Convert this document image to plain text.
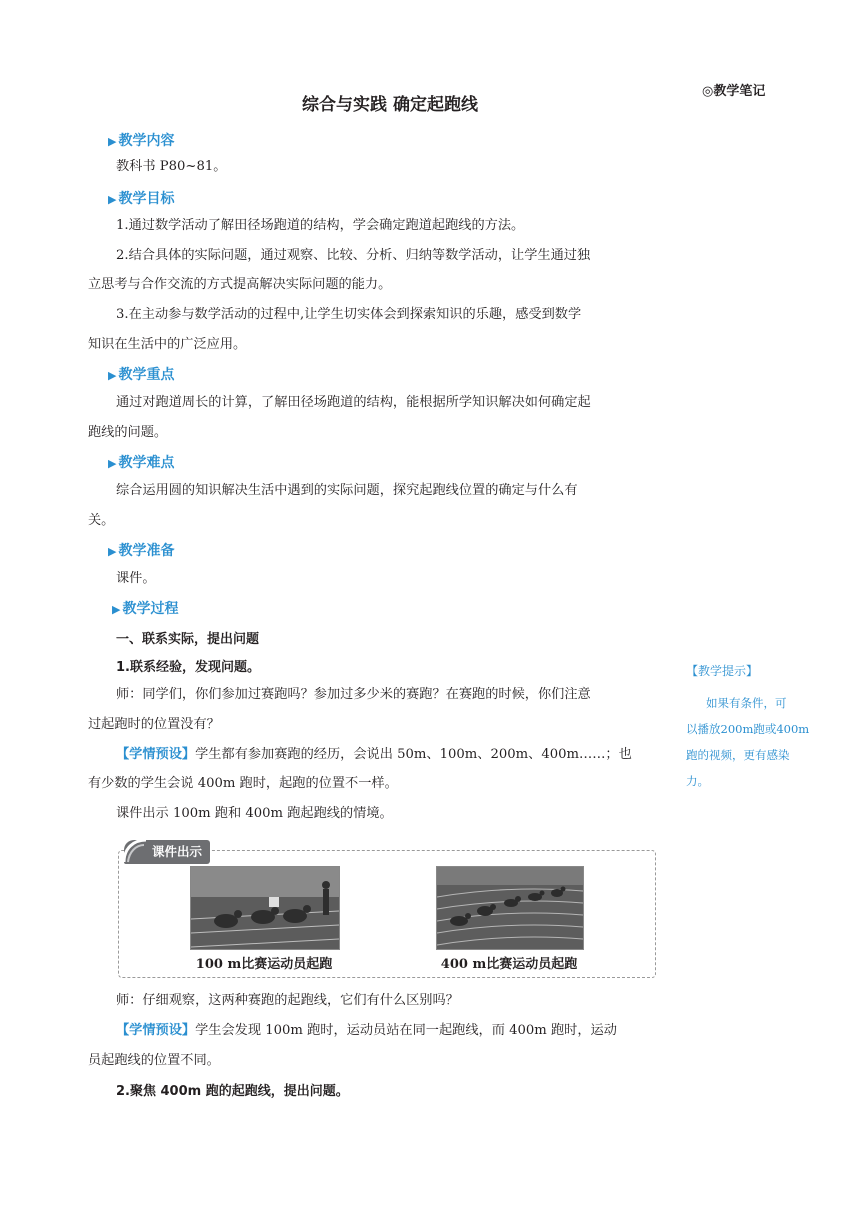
综合与实践 确定起跑线
◎教学笔记
▶ 教学内容
教科书 P80~81。
▶ 教学目标
1.通过数学活动了解田径场跑道的结构，学会确定跑道起跑线的方法。
2.结合具体的实际问题，通过观察、比较、分析、归纳等数学活动，让学生通过独
立思考与合作交流的方式提高解决实际问题的能力。
3.在主动参与数学活动的过程中,让学生切实体会到探索知识的乐趣，感受到数学
知识在生活中的广泛应用。
▶ 教学重点
通过对跑道周长的计算，了解田径场跑道的结构，能根据所学知识解决如何确定起
跑线的问题。
▶ 教学难点
综合运用圆的知识解决生活中遇到的实际问题，探究起跑线位置的确定与什么有
关。
▶ 教学准备
课件。
▶ 教学过程
一、联系实际，提出问题
1.联系经验，发现问题。
师：同学们，你们参加过赛跑吗？参加过多少米的赛跑？在赛跑的时候，你们注意
过起跑时的位置没有？
【学情预设】学生都有参加赛跑的经历，会说出 50m、100m、200m、400m……；也
有少数的学生会说 400m 跑时，起跑的位置不一样。
课件出示 100m 跑和 400m 跑起跑线的情境。
课件出示
100 m比赛运动员起跑	400 m比赛运动员起跑
师：仔细观察，这两种赛跑的起跑线，它们有什么区别吗？
【学情预设】学生会发现 100m 跑时，运动员站在同一起跑线，而 400m 跑时，运动
员起跑线的位置不同。
2.聚焦 400m 跑的起跑线，提出问题。
【教学提示】
如果有条件，可
以播放200m跑或400m
跑的视频，更有感染
力。
